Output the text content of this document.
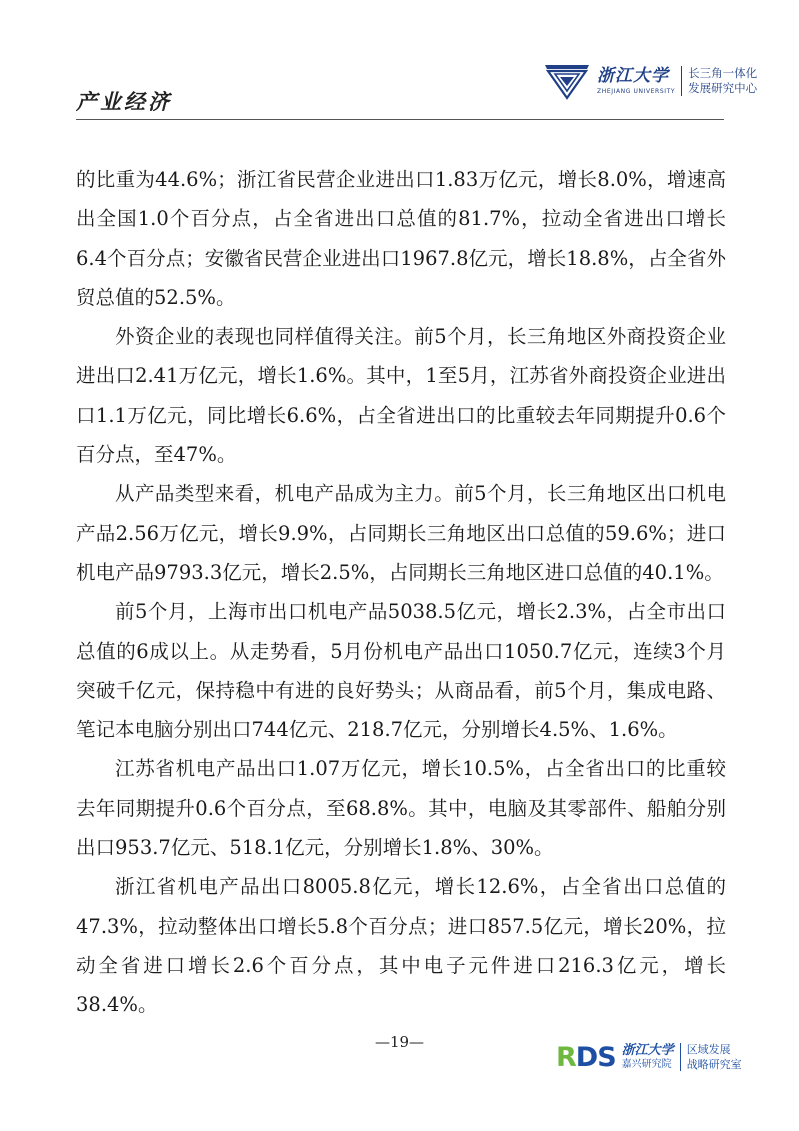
产业经济
浙江大学
ZHEJIANG UNIVERSITY
长三角一体化
发展研究中心

的比重为44.6%；浙江省民营企业进出口1.83万亿元，增长8.0%，增速高出全国1.0个百分点，占全省进出口总值的81.7%，拉动全省进出口增长6.4个百分点；安徽省民营企业进出口1967.8亿元，增长18.8%，占全省外贸总值的52.5%。

外资企业的表现也同样值得关注。前5个月，长三角地区外商投资企业进出口2.41万亿元，增长1.6%。其中，1至5月，江苏省外商投资企业进出口1.1万亿元，同比增长6.6%，占全省进出口的比重较去年同期提升0.6个百分点，至47%。

从产品类型来看，机电产品成为主力。前5个月，长三角地区出口机电产品2.56万亿元，增长9.9%，占同期长三角地区出口总值的59.6%；进口机电产品9793.3亿元，增长2.5%，占同期长三角地区进口总值的40.1%。

前5个月，上海市出口机电产品5038.5亿元，增长2.3%，占全市出口总值的6成以上。从走势看，5月份机电产品出口1050.7亿元，连续3个月突破千亿元，保持稳中有进的良好势头；从商品看，前5个月，集成电路、笔记本电脑分别出口744亿元、218.7亿元，分别增长4.5%、1.6%。

江苏省机电产品出口1.07万亿元，增长10.5%，占全省出口的比重较去年同期提升0.6个百分点，至68.8%。其中，电脑及其零部件、船舶分别出口953.7亿元、518.1亿元，分别增长1.8%、30%。

浙江省机电产品出口8005.8亿元，增长12.6%，占全省出口总值的47.3%，拉动整体出口增长5.8个百分点；进口857.5亿元，增长20%，拉动全省进口增长2.6个百分点，其中电子元件进口216.3亿元，增长38.4%。

—19—	R D S 浙江大学
嘉兴研究院
区域发展
战略研究室
